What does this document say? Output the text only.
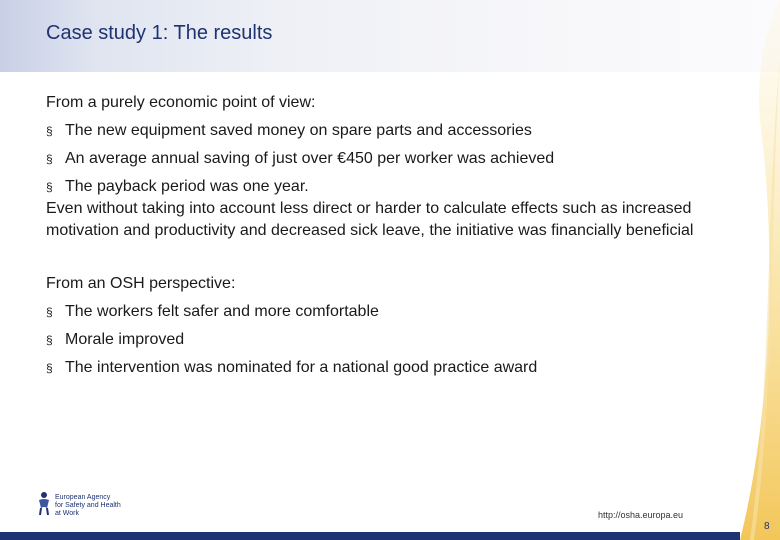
Case study 1: The results
From a purely economic point of view:
§ The new equipment saved money on spare parts and accessories
§ An average annual saving of just over €450 per worker was achieved
§ The payback period was one year.
Even without taking into account less direct or harder to calculate effects such as increased motivation and productivity and decreased sick leave, the initiative was financially beneficial
From an OSH perspective:
§ The workers felt safer and more comfortable
§ Morale improved
§ The intervention was nominated for a national good practice award
European Agency
for Safety and Health
at Work	http://osha.europa.eu
8
